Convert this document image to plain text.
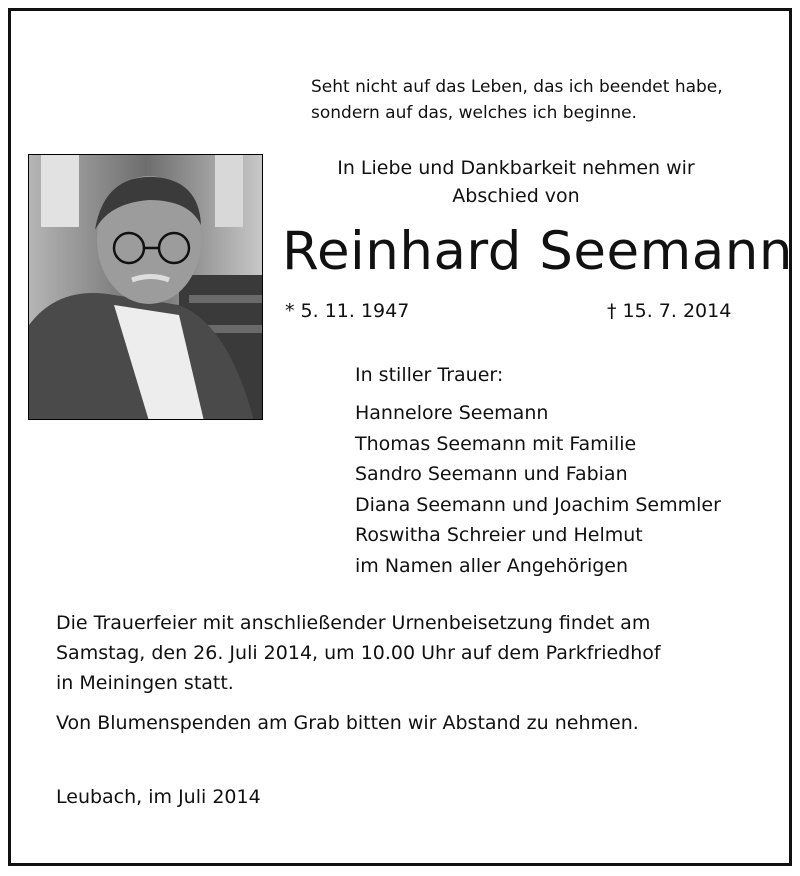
Seht nicht auf das Leben, das ich beendet habe,
sondern auf das, welches ich beginne.
In Liebe und Dankbarkeit nehmen wir
Abschied von
Reinhard Seemann
* 5. 11. 1947	† 15. 7. 2014
In stiller Trauer:
Hannelore Seemann
Thomas Seemann mit Familie
Sandro Seemann und Fabian
Diana Seemann und Joachim Semmler
Roswitha Schreier und Helmut
im Namen aller Angehörigen
Die Trauerfeier mit anschließender Urnenbeisetzung findet am
Samstag, den 26. Juli 2014, um 10.00 Uhr auf dem Parkfriedhof
in Meiningen statt.
Von Blumenspenden am Grab bitten wir Abstand zu nehmen.
Leubach, im Juli 2014
